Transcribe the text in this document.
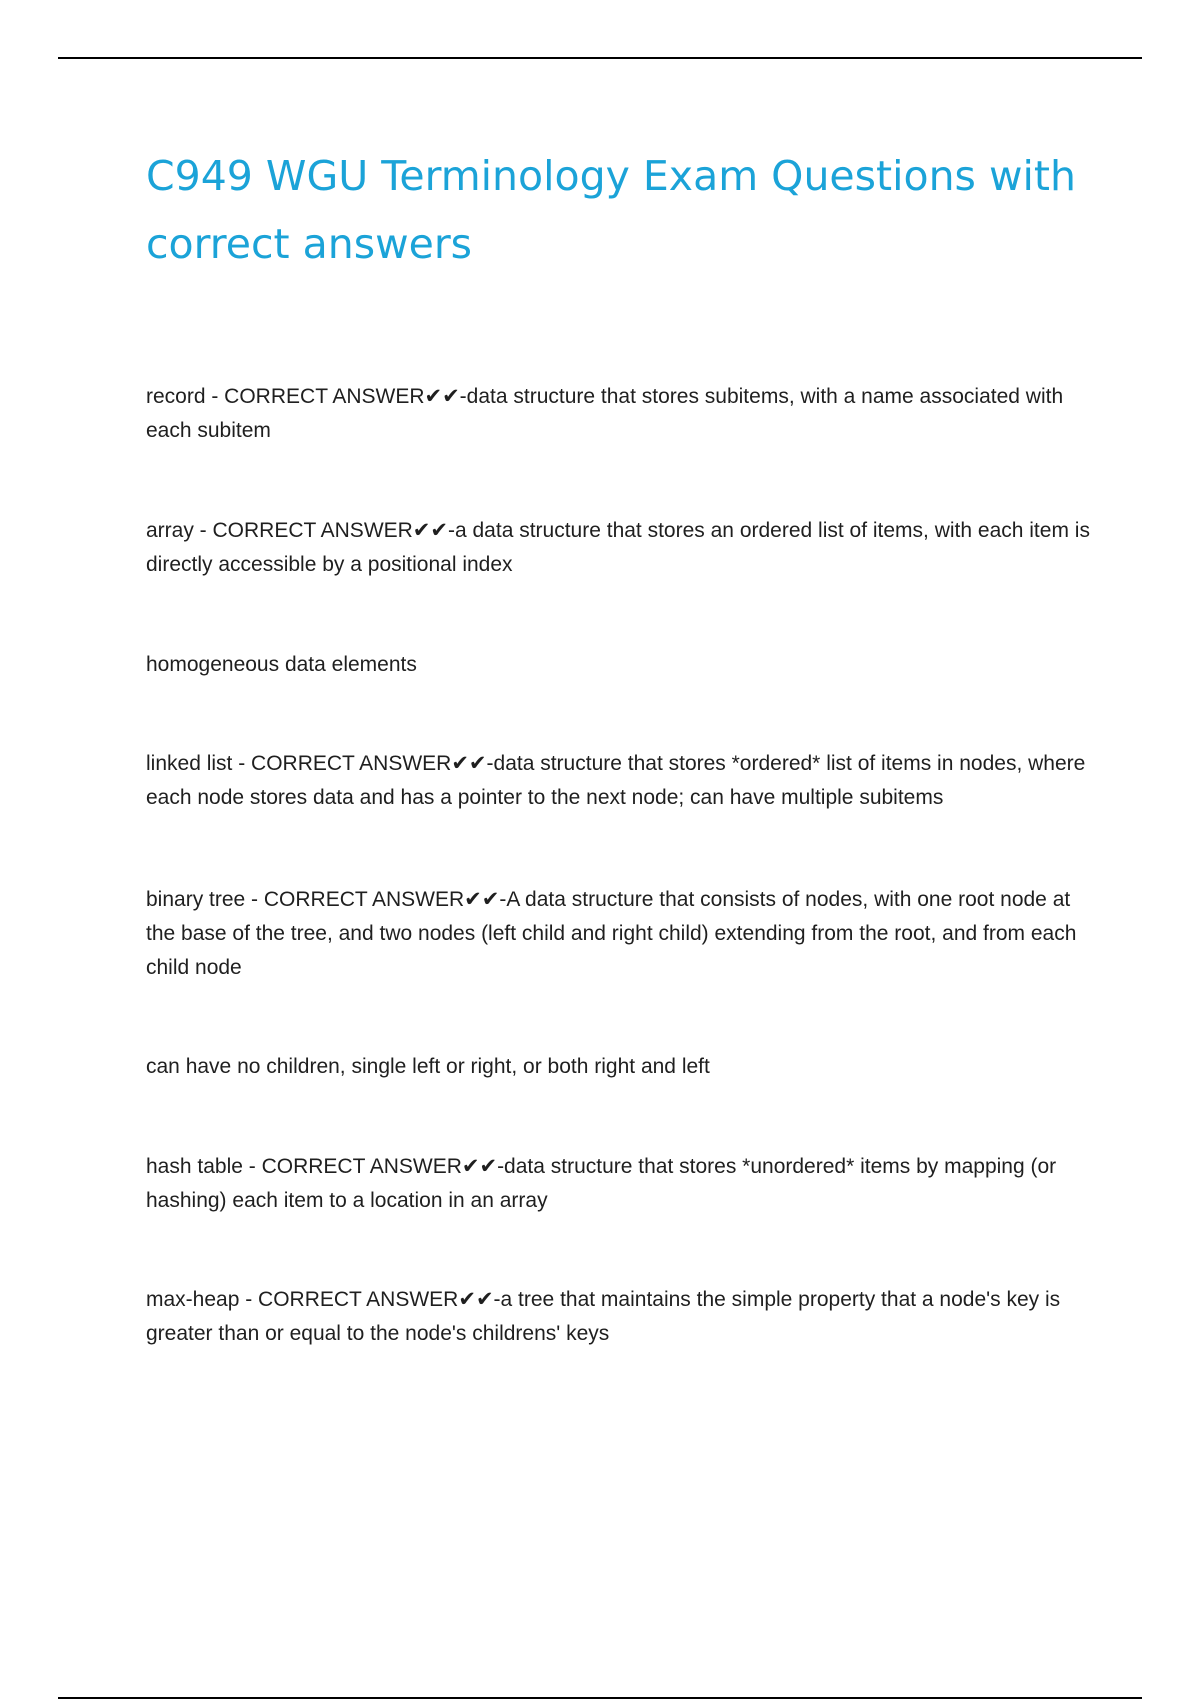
C949 WGU Terminology Exam Questions with correct answers

record - CORRECT ANSWER✔✔-data structure that stores subitems, with a name associated with each subitem

array - CORRECT ANSWER✔✔-a data structure that stores an ordered list of items, with each item is directly accessible by a positional index

homogeneous data elements

linked list - CORRECT ANSWER✔✔-data structure that stores *ordered* list of items in nodes, where each node stores data and has a pointer to the next node; can have multiple subitems

binary tree - CORRECT ANSWER✔✔-A data structure that consists of nodes, with one root node at the base of the tree, and two nodes (left child and right child) extending from the root, and from each child node

can have no children, single left or right, or both right and left

hash table - CORRECT ANSWER✔✔-data structure that stores *unordered* items by mapping (or hashing) each item to a location in an array

max-heap - CORRECT ANSWER✔✔-a tree that maintains the simple property that a node's key is greater than or equal to the node's childrens' keys
